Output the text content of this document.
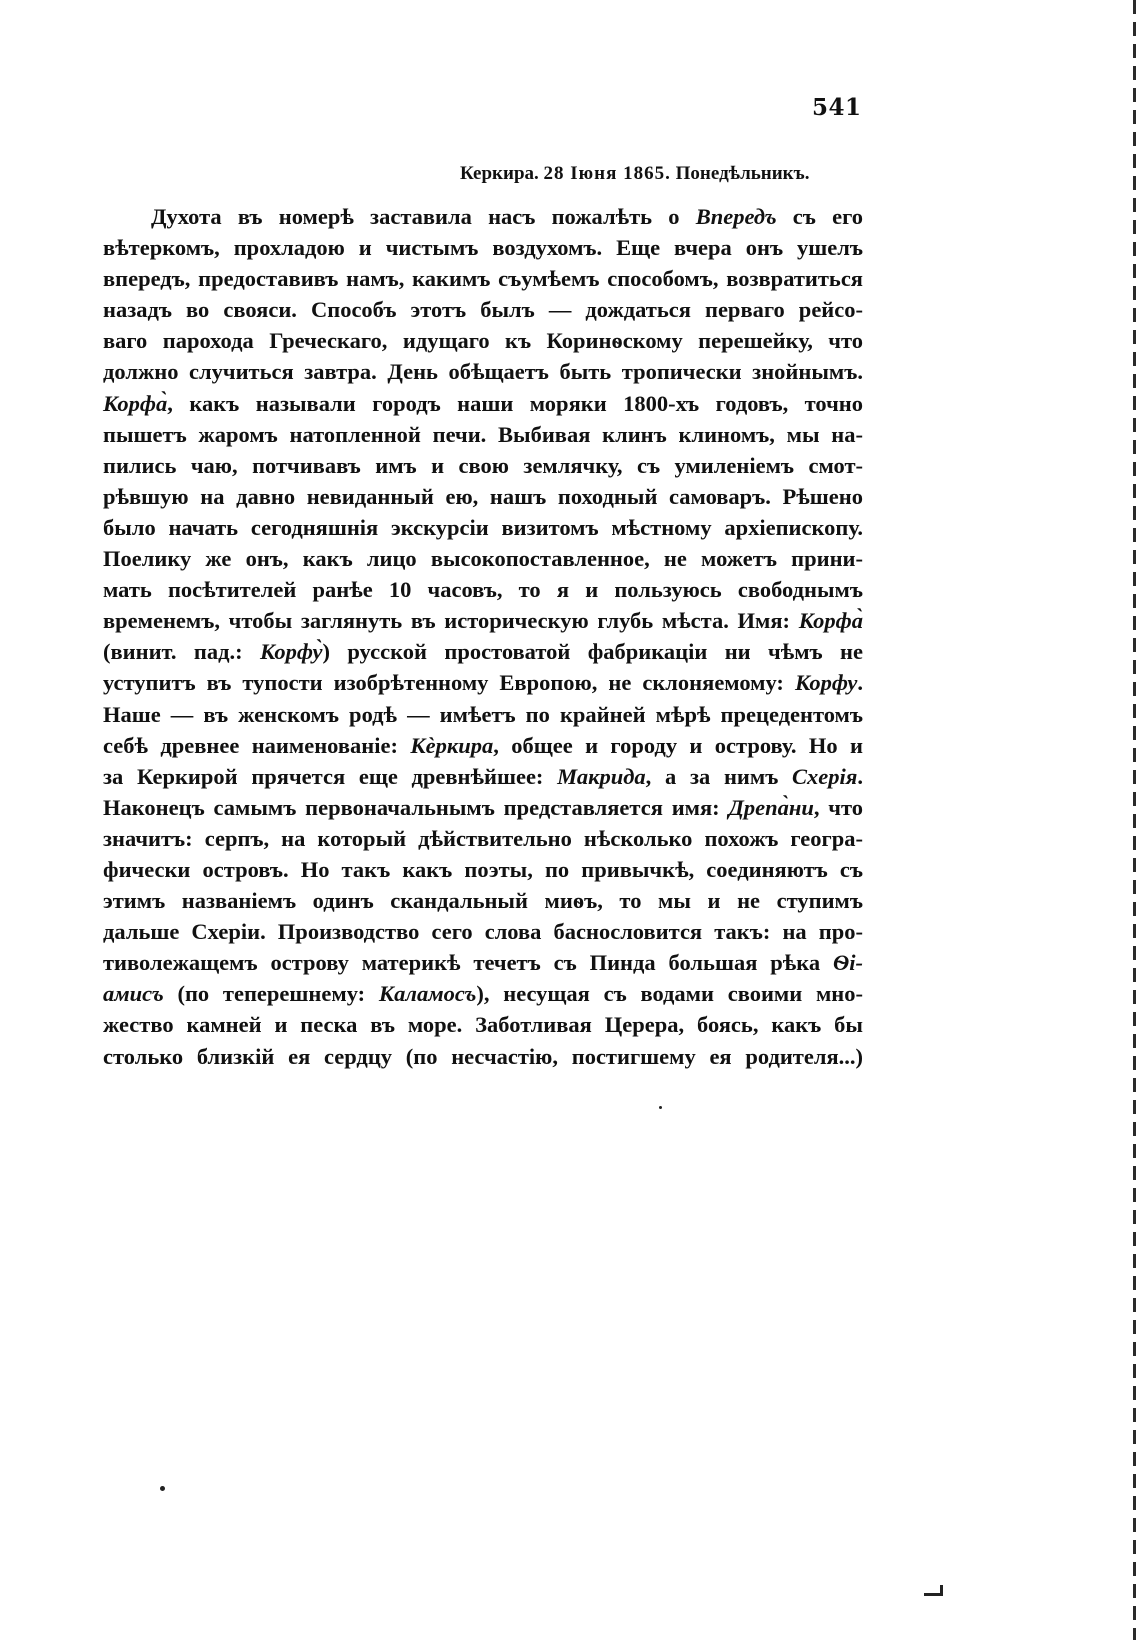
541
Керкира. 28 Іюня 1865. Понедѣльникъ.
Духота въ номерѣ заставила насъ пожалѣть о Впередъ съ его
вѣтеркомъ, прохладою и чистымъ воздухомъ. Еще вчера онъ ушелъ
впередъ, предоставивъ намъ, какимъ съумѣемъ способомъ, возвратиться
назадъ во свояси. Способъ этотъ былъ — дождаться перваго рейсо-
ваго парохода Греческаго, идущаго къ Коринѳскому перешейку, что
должно случиться завтра. День обѣщаетъ быть тропически знойнымъ.
Корфа̀, какъ называли городъ наши моряки 1800-хъ годовъ, точно
пышетъ жаромъ натопленной печи. Выбивая клинъ клиномъ, мы на-
пились чаю, потчивавъ имъ и свою землячку, съ умиленіемъ смот-
рѣвшую на давно невиданный ею, нашъ походный самоваръ. Рѣшено
было начать сегодняшнія экскурсіи визитомъ мѣстному архіепископу.
Поелику же онъ, какъ лицо высокопоставленное, не можетъ прини-
мать посѣтителей ранѣе 10 часовъ, то я и пользуюсь свободнымъ
временемъ, чтобы заглянуть въ историческую глубь мѣста. Имя: Корфа̀
(винит. пад.: Корфу̀) русской простоватой фабрикаціи ни чѣмъ не
уступитъ въ тупости изобрѣтенному Европою, не склоняемому: Корфу.
Наше — въ женскомъ родѣ — имѣетъ по крайней мѣрѣ прецедентомъ
себѣ древнее наименованіе: Кѐркира, общее и городу и острову. Но и
за Керкирой прячется еще древнѣйшее: Макрида, а за нимъ Схерія.
Наконецъ самымъ первоначальнымъ представляется имя: Дрепа̀ни, что
значитъ: серпъ, на который дѣйствительно нѣсколько похожъ геогра-
фически островъ. Но такъ какъ поэты, по привычкѣ, соединяютъ съ
этимъ названіемъ одинъ скандальный миѳъ, то мы и не ступимъ
дальше Схеріи. Производство сего слова баснословится такъ: на про-
тиволежащемъ острову материкѣ течетъ съ Пинда большая рѣка Ѳі-
амисъ (по теперешнему: Каламосъ), несущая съ водами своими мно-
жество камней и песка въ море. Заботливая Церера, боясь, какъ бы
столько близкій ея сердцу (по несчастію, постигшему ея родителя...)
